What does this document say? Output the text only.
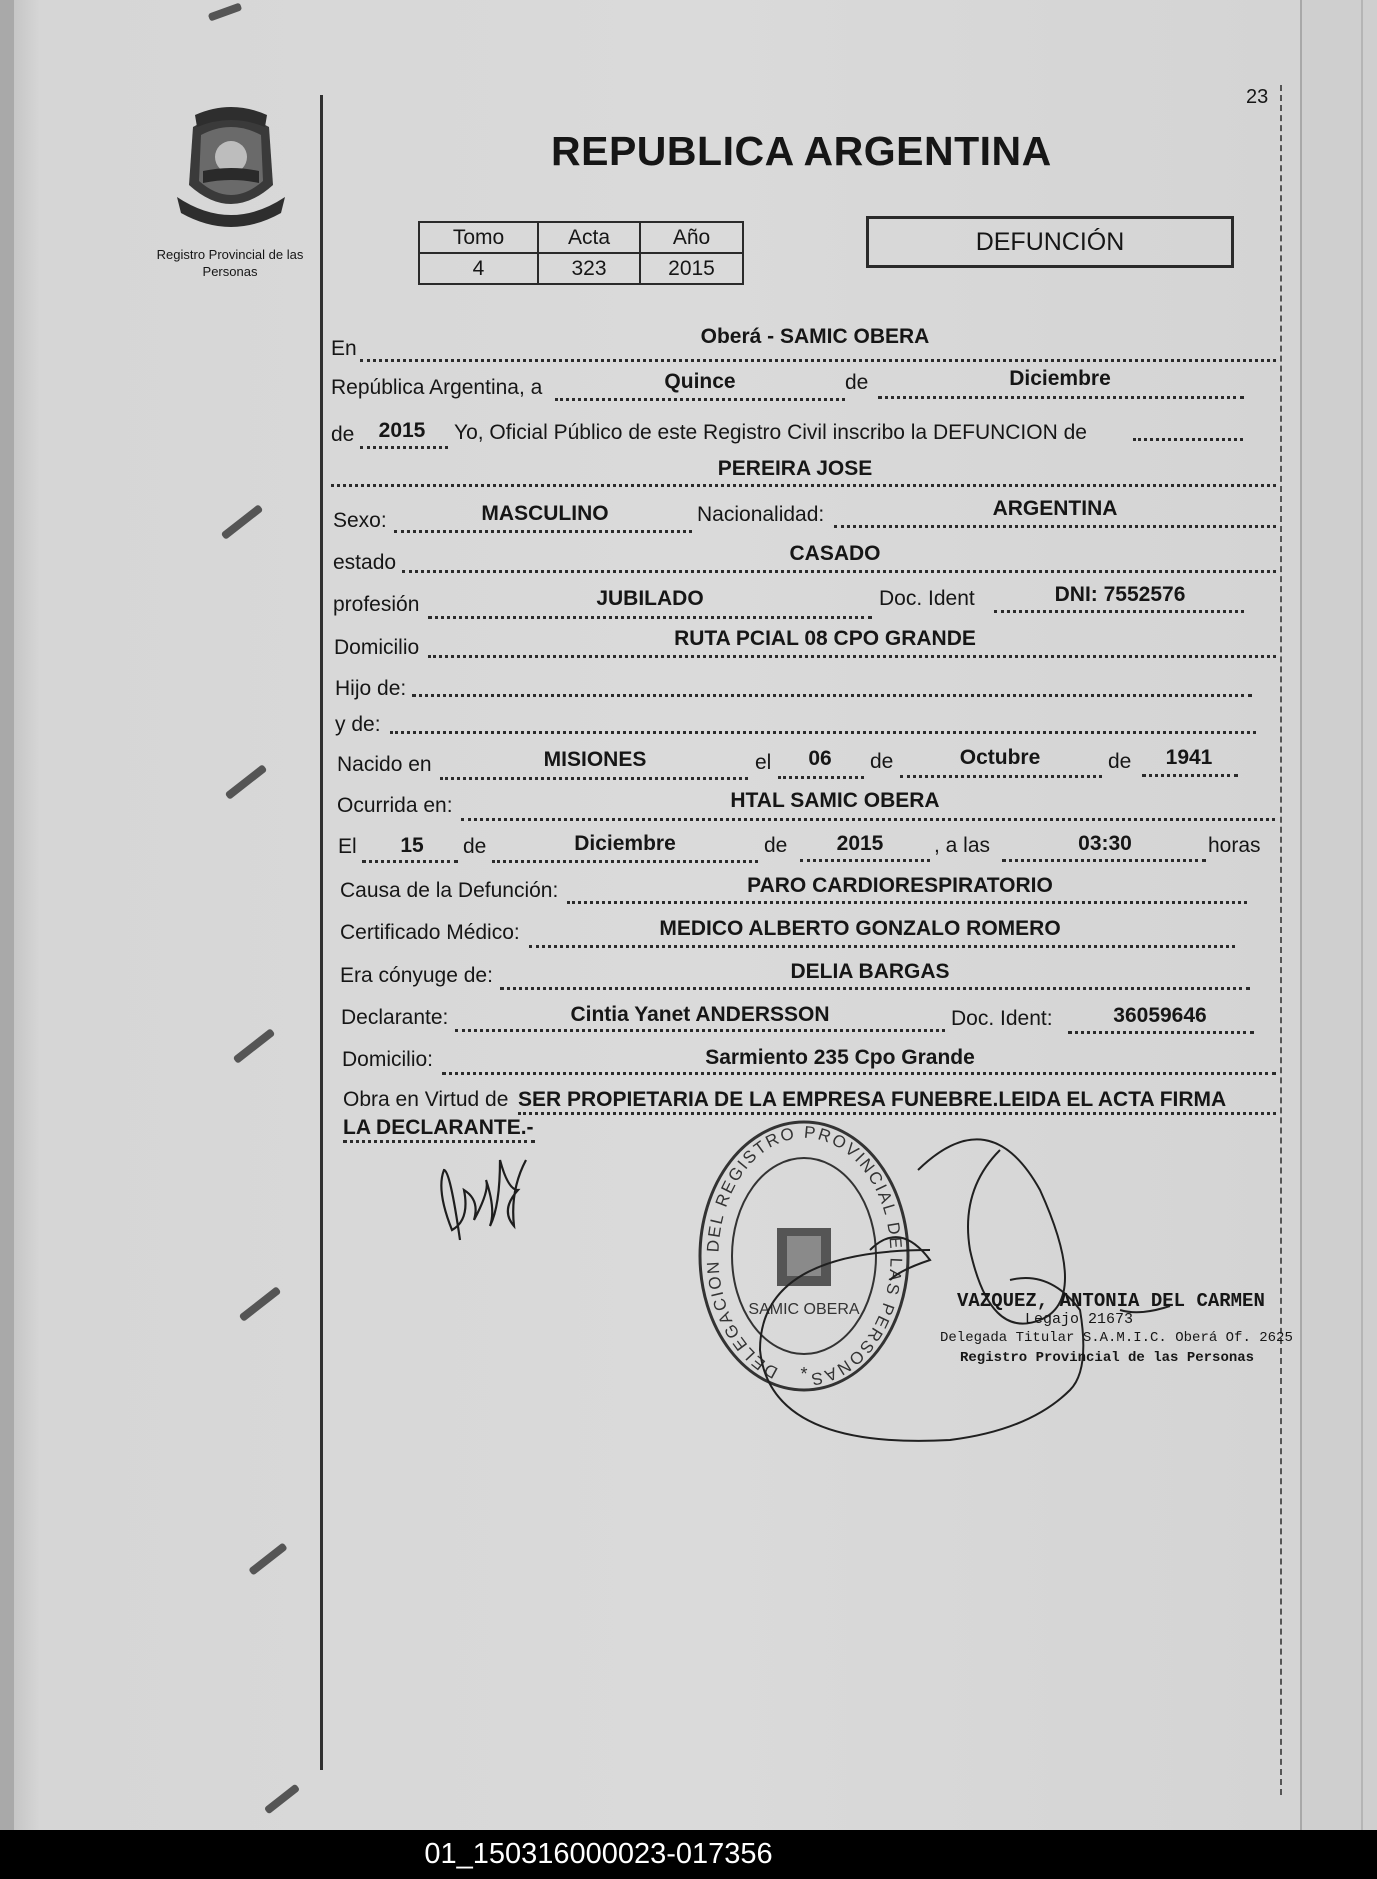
23
Registro Provincial de las Personas
REPUBLICA ARGENTINA
Tomo	Acta	Año
4	323	2015
DEFUNCIÓN
En
Oberá - SAMIC OBERA
República Argentina, a	Quince	de	Diciembre
de	2015	Yo, Oficial Público de este Registro Civil inscribo la DEFUNCION de
PEREIRA JOSE
Sexo:	MASCULINO	Nacionalidad:	ARGENTINA
estado	CASADO
profesión	JUBILADO	Doc. Ident	DNI: 7552576
Domicilio	RUTA PCIAL 08 CPO GRANDE
Hijo de:
y de:
Nacido en	MISIONES	el	06	de	Octubre	de	1941
Ocurrida en:	HTAL SAMIC OBERA
El	15	de	Diciembre	de	2015	, a las	03:30	horas
Causa de la Defunción:	PARO CARDIORESPIRATORIO
Certificado Médico:	MEDICO ALBERTO GONZALO ROMERO
Era cónyuge de:	DELIA BARGAS
Declarante:	Cintia Yanet ANDERSSON	Doc. Ident:	36059646
Domicilio:	Sarmiento 235 Cpo Grande
Obra en Virtud de SER PROPIETARIA DE LA EMPRESA FUNEBRE.LEIDA EL ACTA FIRMA
LA DECLARANTE.-
DELEGACION DEL REGISTRO PROVINCIAL DE LAS PERSONAS
SAMIC OBERA
*
VAZQUEZ, ANTONIA DEL CARMEN
Legajo 21673
Delegada Titular S.A.M.I.C. Oberá Of. 2625
Registro Provincial de las Personas
01_150316000023-017356
